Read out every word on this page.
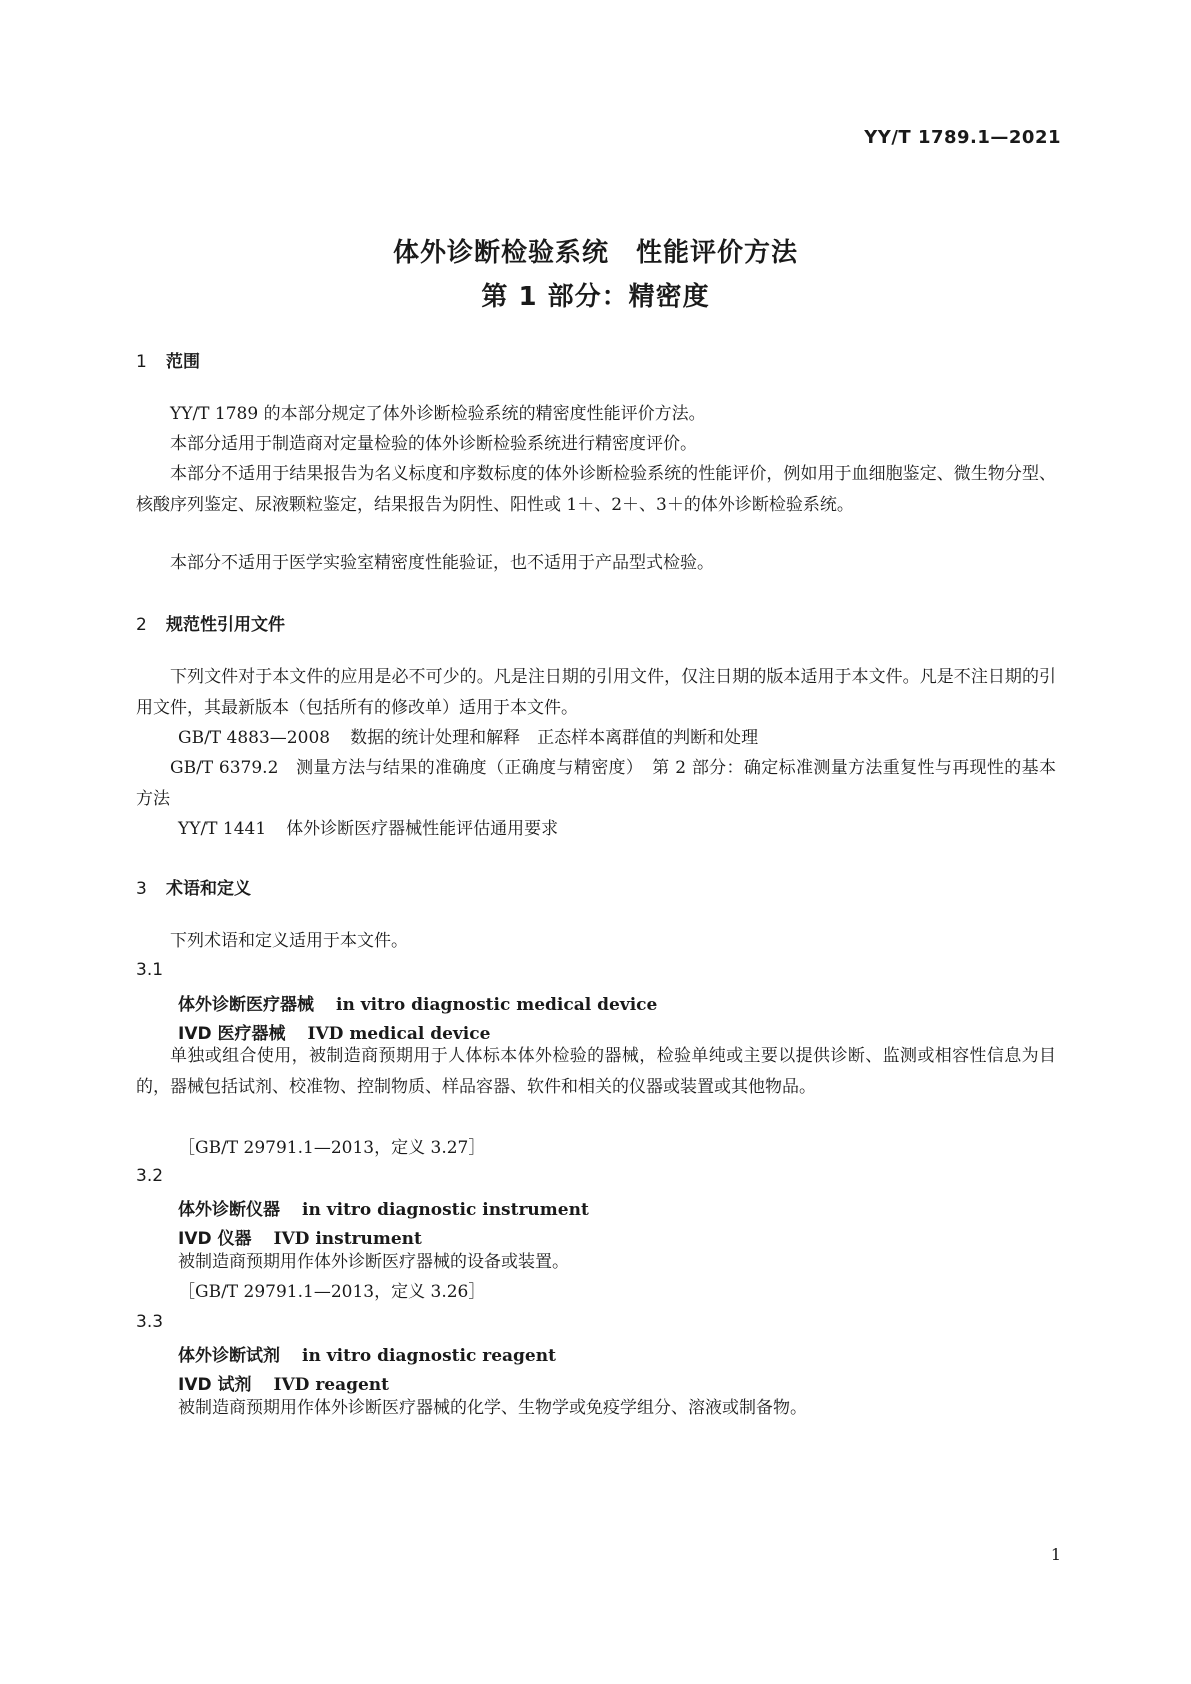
YY/T 1789.1—2021
体外诊断检验系统　性能评价方法
第 1 部分：精密度
1 范围
YY/T 1789 的本部分规定了体外诊断检验系统的精密度性能评价方法。
本部分适用于制造商对定量检验的体外诊断检验系统进行精密度评价。
本部分不适用于结果报告为名义标度和序数标度的体外诊断检验系统的性能评价，例如用于血细胞鉴定、微生物分型、核酸序列鉴定、尿液颗粒鉴定，结果报告为阴性、阳性或 1＋、2＋、3＋的体外诊断检验系统。
本部分不适用于医学实验室精密度性能验证，也不适用于产品型式检验。
2 规范性引用文件
下列文件对于本文件的应用是必不可少的。凡是注日期的引用文件，仅注日期的版本适用于本文件。凡是不注日期的引用文件，其最新版本（包括所有的修改单）适用于本文件。
GB/T 4883—2008 数据的统计处理和解释　正态样本离群值的判断和处理
GB/T 6379.2　测量方法与结果的准确度（正确度与精密度）　第 2 部分：确定标准测量方法重复性与再现性的基本方法
YY/T 1441 体外诊断医疗器械性能评估通用要求
3 术语和定义
下列术语和定义适用于本文件。
3.1
体外诊断医疗器械 in vitro diagnostic medical device
IVD 医疗器械 IVD medical device
单独或组合使用，被制造商预期用于人体标本体外检验的器械，检验单纯或主要以提供诊断、监测或相容性信息为目的，器械包括试剂、校准物、控制物质、样品容器、软件和相关的仪器或装置或其他物品。
［GB/T 29791.1—2013，定义 3.27］
3.2
体外诊断仪器 in vitro diagnostic instrument
IVD 仪器 IVD instrument
被制造商预期用作体外诊断医疗器械的设备或装置。
［GB/T 29791.1—2013，定义 3.26］
3.3
体外诊断试剂 in vitro diagnostic reagent
IVD 试剂 IVD reagent
被制造商预期用作体外诊断医疗器械的化学、生物学或免疫学组分、溶液或制备物。
1
